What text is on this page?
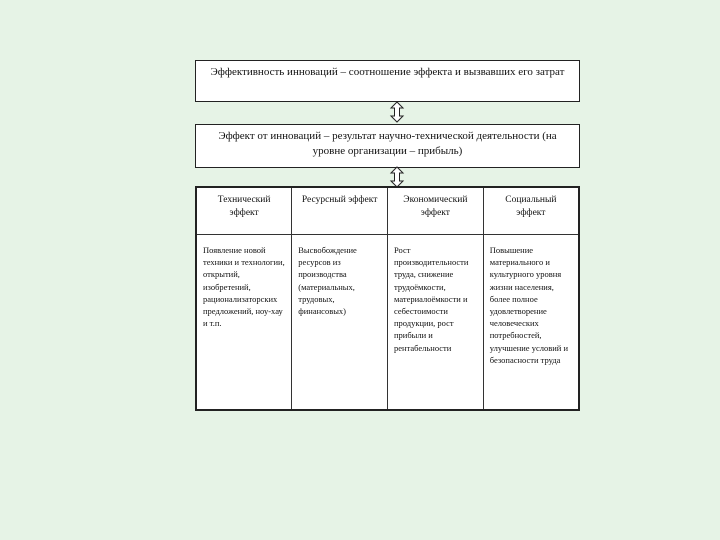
Эффективность инноваций – соотношение эффекта и вызвавших его затрат
Эффект от инноваций – результат научно-технической деятельности (на уровне организации – прибыль)
Технический эффект	Ресурсный эффект	Экономический эффект	Социальный эффект
Появление новой техники и технологии, открытий, изобретений, рационализаторских предложений, ноу-хау и т.п.	Высвобождение ресурсов из производства (материальных, трудовых, финансовых)	Рост производительности труда, снижение трудоёмкости, материалоёмкости и себестоимости продукции, рост прибыли и рентабельности	Повышение материального и культурного уровня жизни населения, более полное удовлетворение человеческих потребностей, улучшение условий и безопасности труда
